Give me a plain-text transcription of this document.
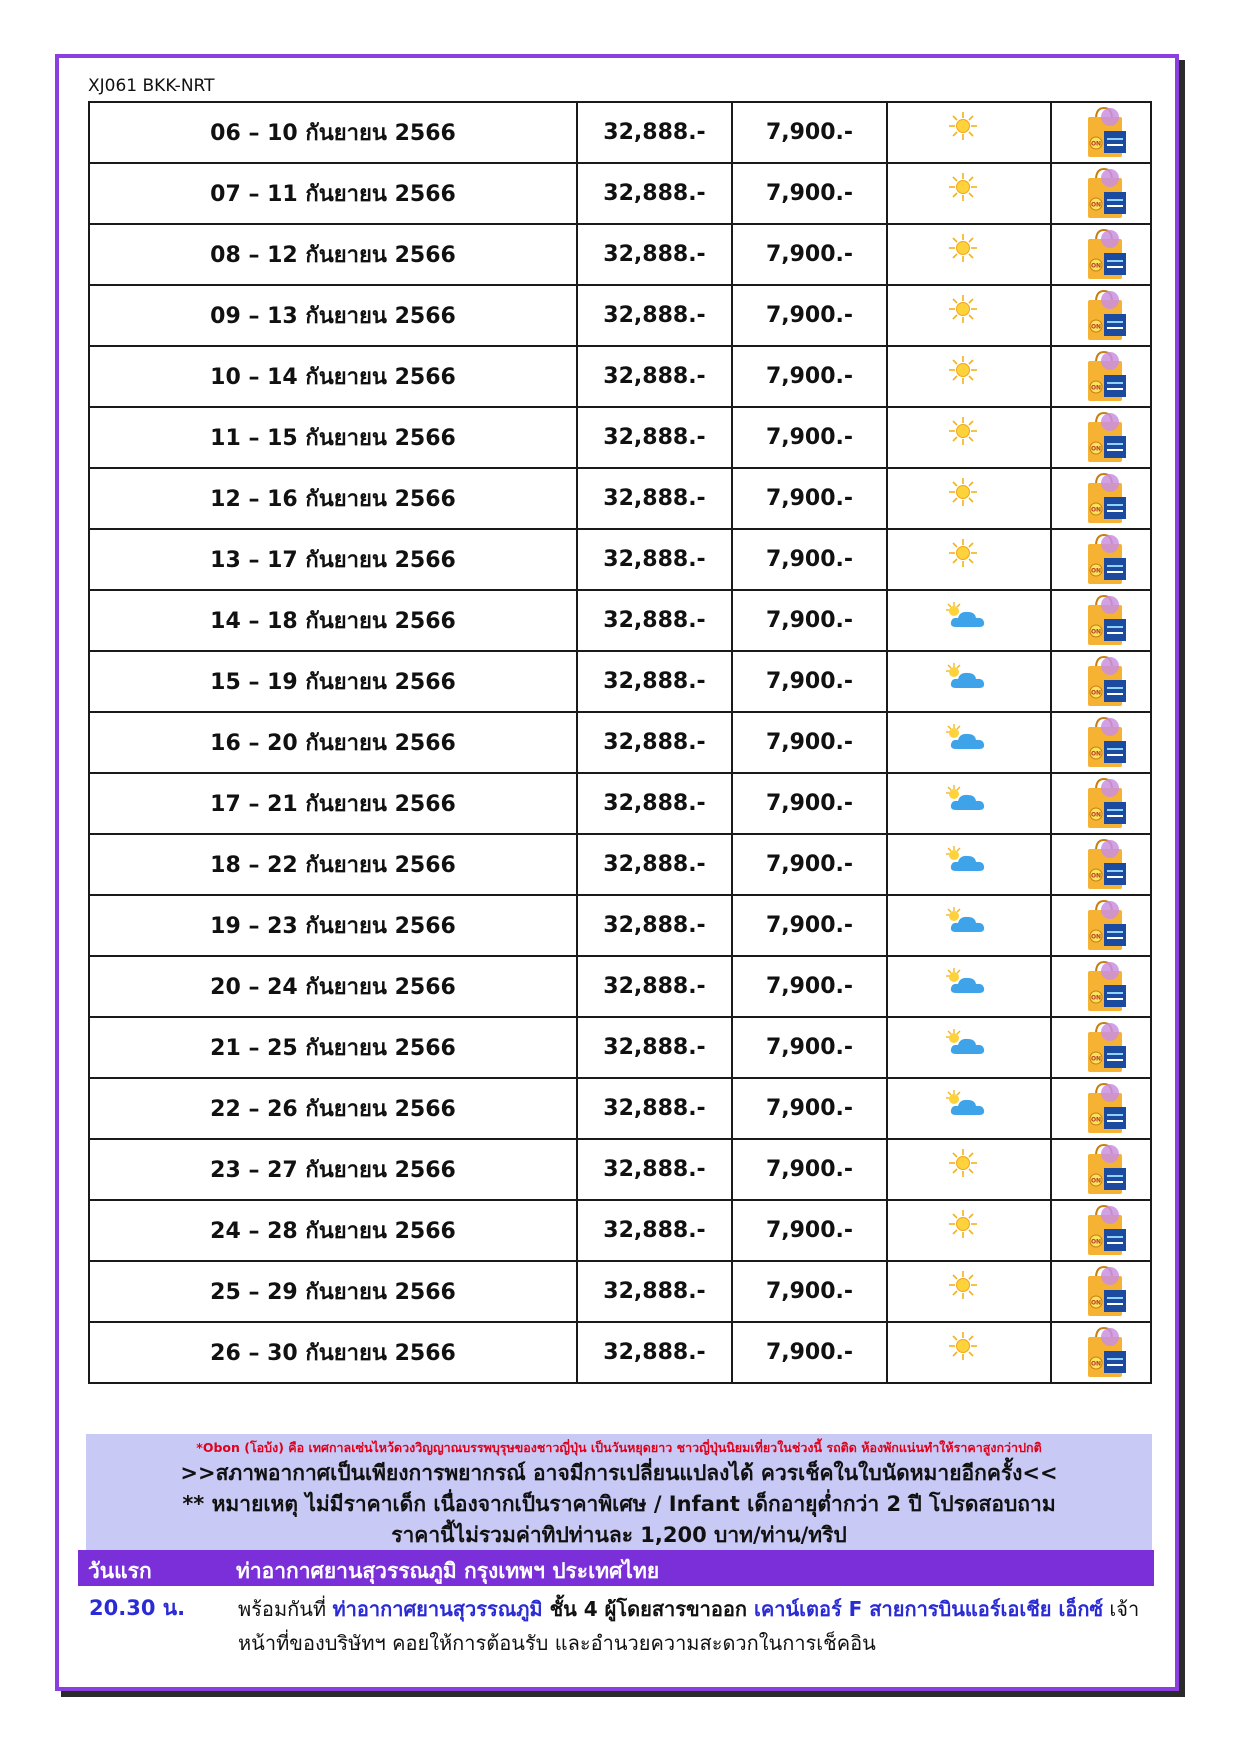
XJ061 BKK-NRT
06 – 10 กันยายน 2566	32,888.-	7,900.-		ON

07 – 11 กันยายน 2566	32,888.-	7,900.-		ON

08 – 12 กันยายน 2566	32,888.-	7,900.-		ON

09 – 13 กันยายน 2566	32,888.-	7,900.-		ON

10 – 14 กันยายน 2566	32,888.-	7,900.-		ON

11 – 15 กันยายน 2566	32,888.-	7,900.-		ON

12 – 16 กันยายน 2566	32,888.-	7,900.-		ON

13 – 17 กันยายน 2566	32,888.-	7,900.-		ON

14 – 18 กันยายน 2566	32,888.-	7,900.-		ON

15 – 19 กันยายน 2566	32,888.-	7,900.-		ON

16 – 20 กันยายน 2566	32,888.-	7,900.-		ON

17 – 21 กันยายน 2566	32,888.-	7,900.-		ON

18 – 22 กันยายน 2566	32,888.-	7,900.-		ON

19 – 23 กันยายน 2566	32,888.-	7,900.-		ON

20 – 24 กันยายน 2566	32,888.-	7,900.-		ON

21 – 25 กันยายน 2566	32,888.-	7,900.-		ON

22 – 26 กันยายน 2566	32,888.-	7,900.-		ON

23 – 27 กันยายน 2566	32,888.-	7,900.-		ON

24 – 28 กันยายน 2566	32,888.-	7,900.-		ON

25 – 29 กันยายน 2566	32,888.-	7,900.-		ON

26 – 30 กันยายน 2566	32,888.-	7,900.-		ON
*Obon (โอบ้ง) คือ เทศกาลเซ่นไหว้ดวงวิญญาณบรรพบุรุษของชาวญี่ปุ่น เป็นวันหยุดยาว ชาวญี่ปุ่นนิยมเที่ยวในช่วงนี้ รถติด ห้องพักแน่นทำให้ราคาสูงกว่าปกติ
>>สภาพอากาศเป็นเพียงการพยากรณ์ อาจมีการเปลี่ยนแปลงได้ ควรเช็คในใบนัดหมายอีกครั้ง<<
** หมายเหตุ ไม่มีราคาเด็ก เนื่องจากเป็นราคาพิเศษ / Infant เด็กอายุต่ำกว่า 2 ปี โปรดสอบถาม
ราคานี้ไม่รวมค่าทิปท่านละ 1,200 บาท/ท่าน/ทริป
วันแรก	ท่าอากาศยานสุวรรณภูมิ กรุงเทพฯ ประเทศไทย
20.30 น.	พร้อมกันที่ ท่าอากาศยานสุวรรณภูมิ ชั้น 4 ผู้โดยสารขาออก เคาน์เตอร์ F สายการบินแอร์เอเชีย เอ็กซ์ เจ้าหน้าที่ของบริษัทฯ คอยให้การต้อนรับ และอำนวยความสะดวกในการเช็คอิน
